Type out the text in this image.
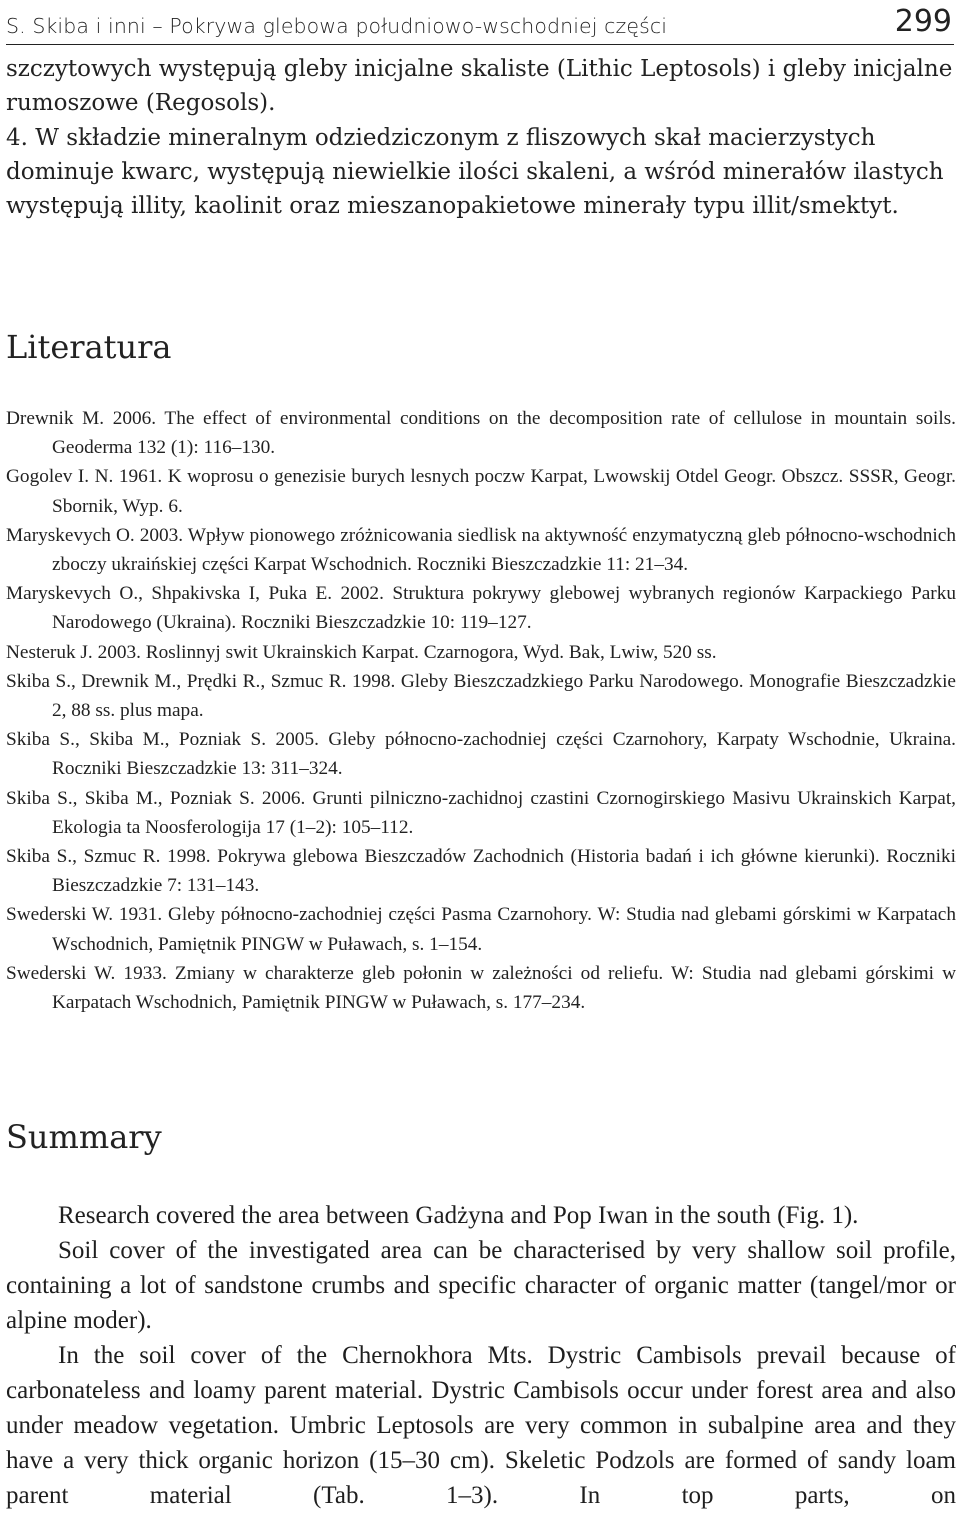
S. Skiba i inni – Pokrywa glebowa południowo-wschodniej części	299

szczytowych występują gleby inicjalne skaliste (Lithic Leptosols) i gleby inicjalne rumoszowe (Regosols).

4. W składzie mineralnym odziedziczonym z fliszowych skał macierzystych dominuje kwarc, występują niewielkie ilości skaleni, a wśród minerałów ilastych występują illity, kaolinit oraz mieszanopakietowe minerały typu illit/smektyt.

Literatura

Drewnik M. 2006. The effect of environmental conditions on the decomposition rate of cellulose in mountain soils. Geoderma 132 (1): 116–130.

Gogolev I. N. 1961. K woprosu o genezisie burych lesnych poczw Karpat, Lwowskij Otdel Geogr. Obszcz. SSSR, Geogr. Sbornik, Wyp. 6.

Maryskevych O. 2003. Wpływ pionowego zróżnicowania siedlisk na aktywność enzymatyczną gleb północno-wschodnich zboczy ukraińskiej części Karpat Wschodnich. Roczniki Bieszczadzkie 11: 21–34.

Maryskevych O., Shpakivska I, Puka E. 2002. Struktura pokrywy glebowej wybranych regionów Karpackiego Parku Narodowego (Ukraina). Roczniki Bieszczadzkie 10: 119–127.

Nesteruk J. 2003. Roslinnyj swit Ukrainskich Karpat. Czarnogora, Wyd. Bak, Lwiw, 520 ss.

Skiba S., Drewnik M., Prędki R., Szmuc R. 1998. Gleby Bieszczadzkiego Parku Narodowego. Monografie Bieszczadzkie 2, 88 ss. plus mapa.

Skiba S., Skiba M., Pozniak S. 2005. Gleby północno-zachodniej części Czarnohory, Karpaty Wschodnie, Ukraina. Roczniki Bieszczadzkie 13: 311–324.

Skiba S., Skiba M., Pozniak S. 2006. Grunti pilniczno-zachidnoj czastini Czornogirskiego Masivu Ukrainskich Karpat, Ekologia ta Noosferologija 17 (1–2): 105–112.

Skiba S., Szmuc R. 1998. Pokrywa glebowa Bieszczadów Zachodnich (Historia badań i ich główne kierunki). Roczniki Bieszczadzkie 7: 131–143.

Swederski W. 1931. Gleby północno-zachodniej części Pasma Czarnohory. W: Studia nad glebami górskimi w Karpatach Wschodnich, Pamiętnik PINGW w Puławach, s. 1–154.

Swederski W. 1933. Zmiany w charakterze gleb połonin w zależności od reliefu. W: Studia nad glebami górskimi w Karpatach Wschodnich, Pamiętnik PINGW w Puławach, s. 177–234.

Summary

Research covered the area between Gadżyna and Pop Iwan in the south (Fig. 1).

Soil cover of the investigated area can be characterised by very shallow soil profile, containing a lot of sandstone crumbs and specific character of organic matter (tangel/mor or alpine moder).

In the soil cover of the Chernokhora Mts. Dystric Cambisols prevail because of carbonateless and loamy parent material. Dystric Cambisols occur under forest area and also under meadow vegetation. Umbric Leptosols are very common in subalpine area and they have a very thick organic horizon (15–30 cm). Skeletic Podzols are formed of sandy loam parent material (Tab. 1–3). In top parts, on
